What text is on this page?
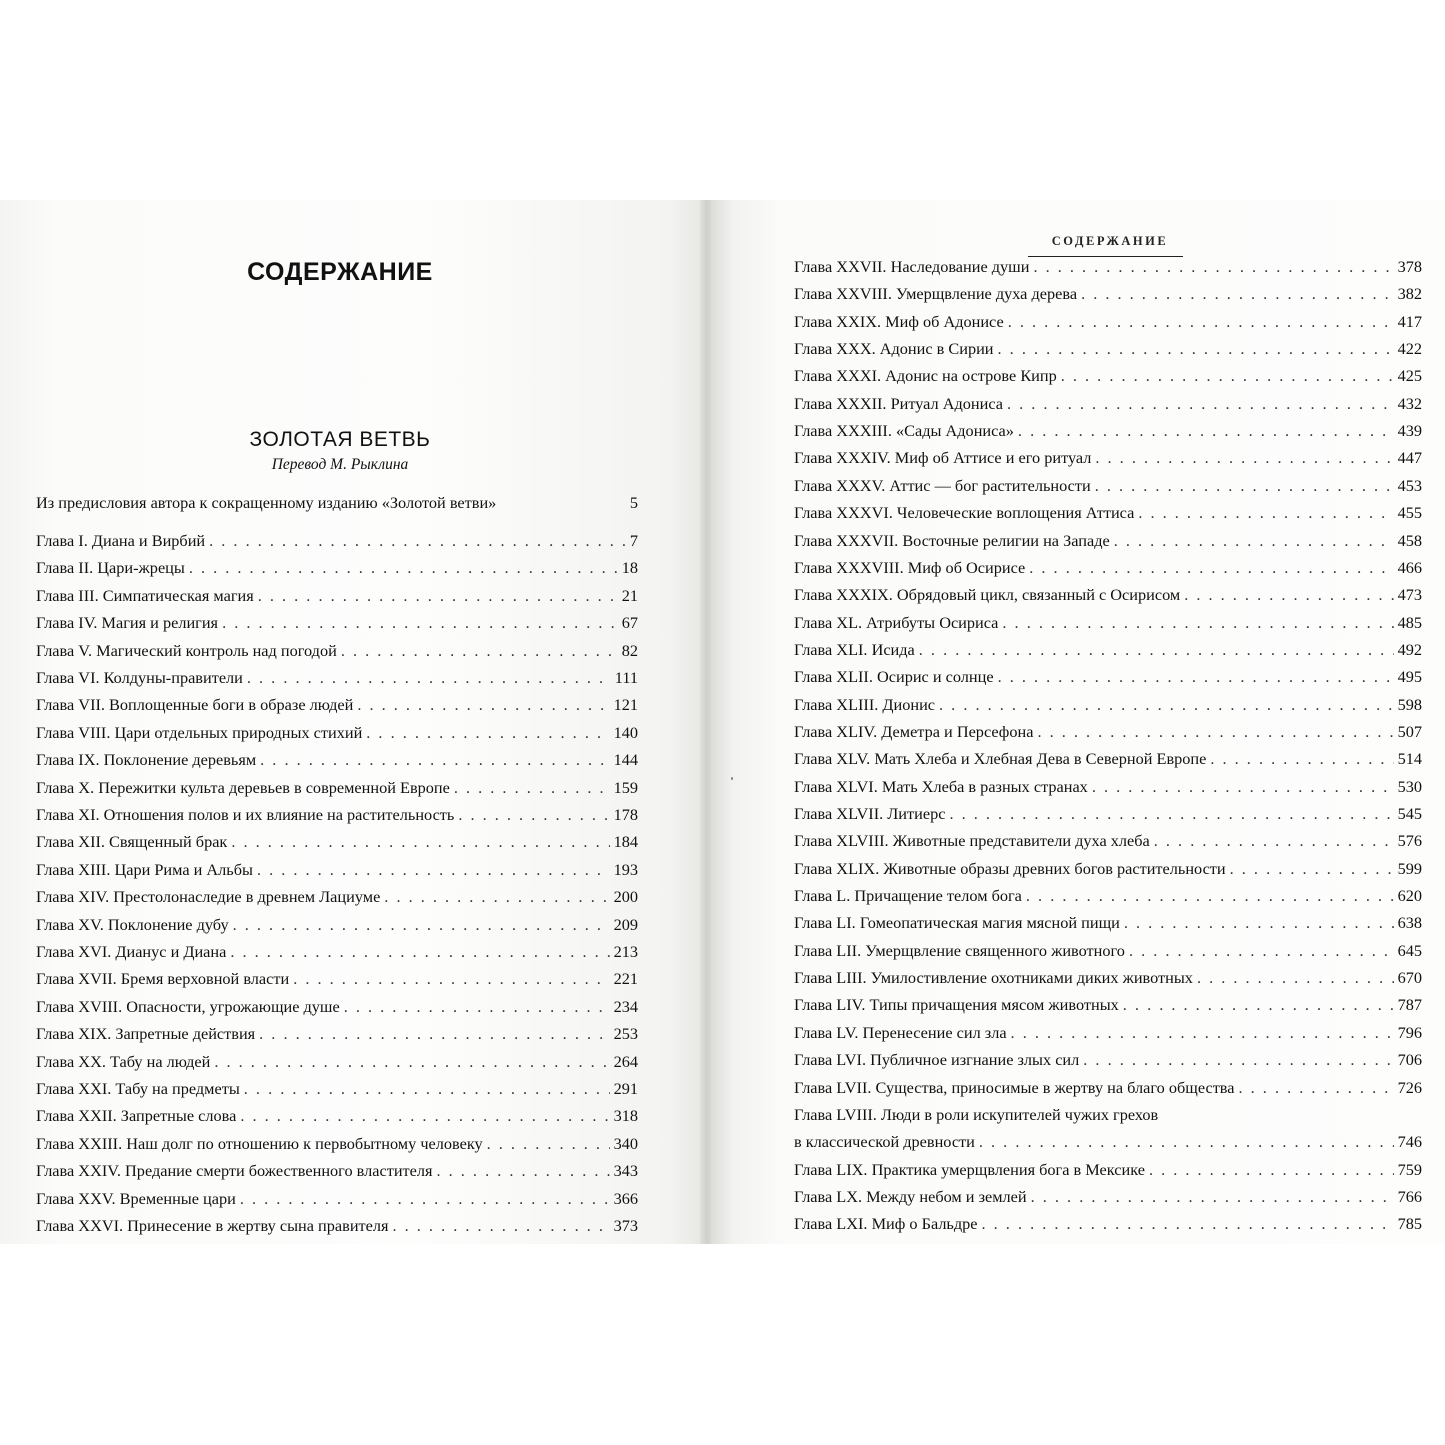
СОДЕРЖАНИЕ
ЗОЛОТАЯ ВЕТВЬ
Перевод М. Рыклина
Из предисловия автора к сокращенному изданию «Золотой ветви»	5
Глава I. Диана и Вирбий . . .	7
Глава II. Цари-жрецы . . .	18
Глава III. Симпатическая магия . . .	21
Глава IV. Магия и религия . . .	67
Глава V. Магический контроль над погодой . . .	82
Глава VI. Колдуны-правители . . .	111
Глава VII. Воплощенные боги в образе людей . . .	121
Глава VIII. Цари отдельных природных стихий . . .	140
Глава IX. Поклонение деревьям . . .	144
Глава X. Пережитки культа деревьев в современной Европе . . .	159
Глава XI. Отношения полов и их влияние на растительность . . .	178
Глава XII. Священный брак . . .	184
Глава XIII. Цари Рима и Альбы . . .	193
Глава XIV. Престолонаследие в древнем Лациуме . . .	200
Глава XV. Поклонение дубу . . .	209
Глава XVI. Дианус и Диана . . .	213
Глава XVII. Бремя верховной власти . . .	221
Глава XVIII. Опасности, угрожающие душе . . .	234
Глава XIX. Запретные действия . . .	253
Глава XX. Табу на людей . . .	264
Глава XXI. Табу на предметы . . .	291
Глава XXII. Запретные слова . . .	318
Глава XXIII. Наш долг по отношению к первобытному человеку . . .	340
Глава XXIV. Предание смерти божественного властителя . . .	343
Глава XXV. Временные цари . . .	366
Глава XXVI. Принесение в жертву сына правителя . . .	373
СОДЕРЖАНИЕ
Глава XXVII. Наследование души . . .	378
Глава XXVIII. Умерщвление духа дерева . . .	382
Глава XXIX. Миф об Адонисе . . .	417
Глава XXX. Адонис в Сирии . . .	422
Глава XXXI. Адонис на острове Кипр . . .	425
Глава XXXII. Ритуал Адониса . . .	432
Глава XXXIII. «Сады Адониса» . . .	439
Глава XXXIV. Миф об Аттисе и его ритуал . . .	447
Глава XXXV. Аттис — бог растительности . . .	453
Глава XXXVI. Человеческие воплощения Аттиса . . .	455
Глава XXXVII. Восточные религии на Западе . . .	458
Глава XXXVIII. Миф об Осирисе . . .	466
Глава XXXIX. Обрядовый цикл, связанный с Осирисом . . .	473
Глава XL. Атрибуты Осириса . . .	485
Глава XLI. Исида . . .	492
Глава XLII. Осирис и солнце . . .	495
Глава XLIII. Дионис . . .	598
Глава XLIV. Деметра и Персефона . . .	507
Глава XLV. Мать Хлеба и Хлебная Дева в Северной Европе . . .	514
Глава XLVI. Мать Хлеба в разных странах . . .	530
Глава XLVII. Литиерс . . .	545
Глава XLVIII. Животные представители духа хлеба . . .	576
Глава XLIX. Животные образы древних богов растительности . . .	599
Глава L. Причащение телом бога . . .	620
Глава LI. Гомеопатическая магия мясной пищи . . .	638
Глава LII. Умерщвление священного животного . . .	645
Глава LIII. Умилостивление охотниками диких животных . . .	670
Глава LIV. Типы причащения мясом животных . . .	787
Глава LV. Перенесение сил зла . . .	796
Глава LVI. Публичное изгнание злых сил . . .	706
Глава LVII. Существа, приносимые в жертву на благо общества . . .	726
Глава LVIII. Люди в роли искупителей чужих грехов
в классической древности . . .	746
Глава LIX. Практика умерщвления бога в Мексике . . .	759
Глава LX. Между небом и землей . . .	766
Глава LXI. Миф о Бальдре . . .	785
